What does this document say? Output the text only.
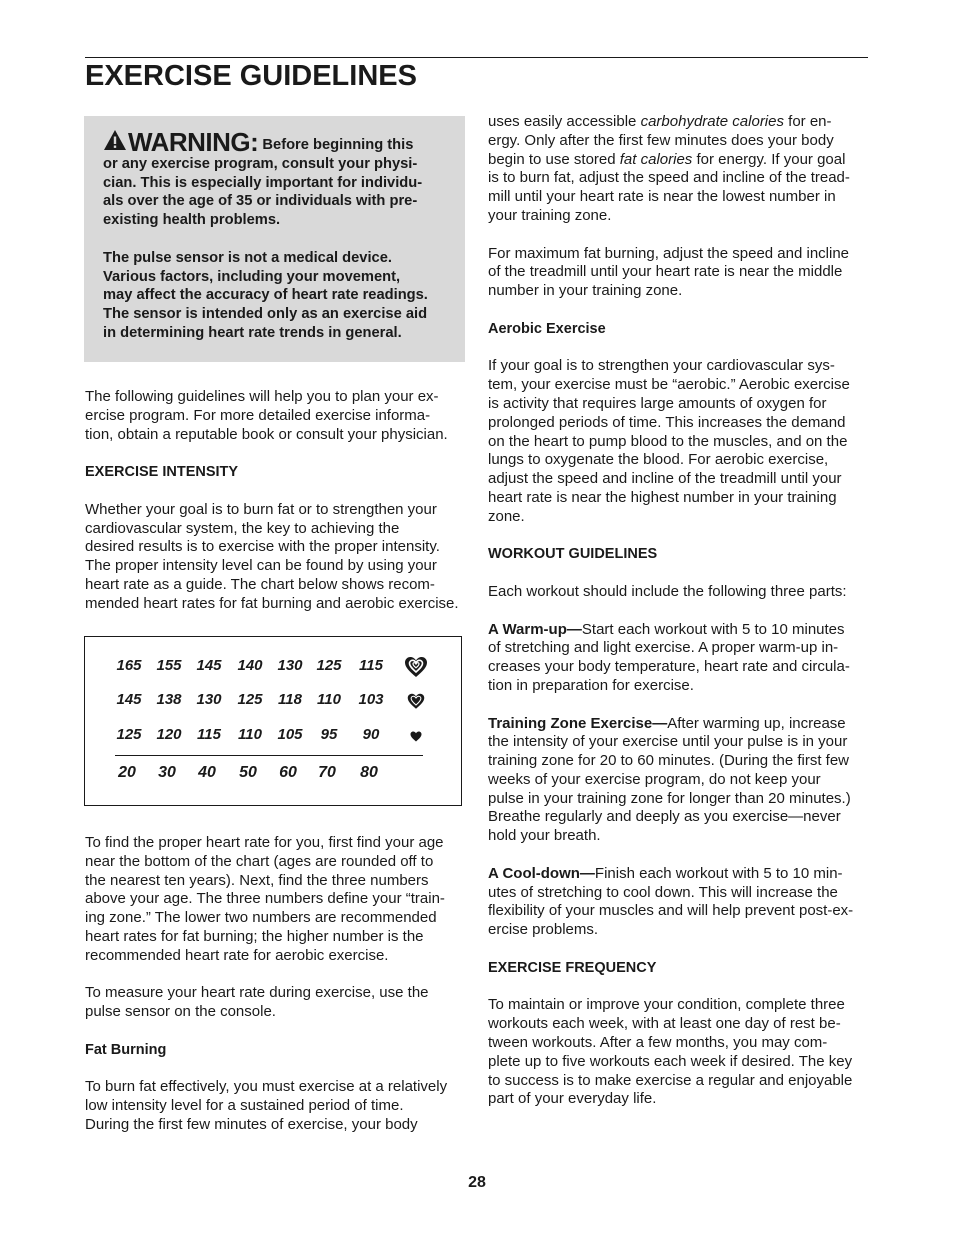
EXERCISE GUIDELINES

WARNING: Before beginning this
or any exercise program, consult your physi-
cian. This is especially important for individu-
als over the age of 35 or individuals with pre-
existing health problems.

The pulse sensor is not a medical device.
Various factors, including your movement,
may affect the accuracy of heart rate readings.
The sensor is intended only as an exercise aid
in determining heart rate trends in general.

The following guidelines will help you to plan your ex-
ercise program. For more detailed exercise informa-
tion, obtain a reputable book or consult your physician.

EXERCISE INTENSITY

Whether your goal is to burn fat or to strengthen your
cardiovascular system, the key to achieving the
desired results is to exercise with the proper intensity.
The proper intensity level can be found by using your
heart rate as a guide. The chart below shows recom-
mended heart rates for fat burning and aerobic exercise.

165 155 145	140 130 125	115
145 138 130	125	118	110	103
125 120	115	110	105	95	90
20	30	40	50	60	70	80

To find the proper heart rate for you, first find your age
near the bottom of the chart (ages are rounded off to
the nearest ten years). Next, find the three numbers
above your age. The three numbers define your “train-
ing zone.” The lower two numbers are recommended
heart rates for fat burning; the higher number is the
recommended heart rate for aerobic exercise.

To measure your heart rate during exercise, use the
pulse sensor on the console.

Fat Burning

To burn fat effectively, you must exercise at a relatively
low intensity level for a sustained period of time.
During the first few minutes of exercise, your body

uses easily accessible carbohydrate calories for en-
ergy. Only after the first few minutes does your body
begin to use stored fat calories for energy. If your goal
is to burn fat, adjust the speed and incline of the tread-
mill until your heart rate is near the lowest number in
your training zone.

For maximum fat burning, adjust the speed and incline
of the treadmill until your heart rate is near the middle
number in your training zone.

Aerobic Exercise

If your goal is to strengthen your cardiovascular sys-
tem, your exercise must be “aerobic.” Aerobic exercise
is activity that requires large amounts of oxygen for
prolonged periods of time. This increases the demand
on the heart to pump blood to the muscles, and on the
lungs to oxygenate the blood. For aerobic exercise,
adjust the speed and incline of the treadmill until your
heart rate is near the highest number in your training
zone.

WORKOUT GUIDELINES

Each workout should include the following three parts:

A Warm-up—Start each workout with 5 to 10 minutes
of stretching and light exercise. A proper warm-up in-
creases your body temperature, heart rate and circula-
tion in preparation for exercise.

Training Zone Exercise—After warming up, increase
the intensity of your exercise until your pulse is in your
training zone for 20 to 60 minutes. (During the first few
weeks of your exercise program, do not keep your
pulse in your training zone for longer than 20 minutes.)
Breathe regularly and deeply as you exercise—never
hold your breath.

A Cool-down—Finish each workout with 5 to 10 min-
utes of stretching to cool down. This will increase the
flexibility of your muscles and will help prevent post-ex-
ercise problems.

EXERCISE FREQUENCY

To maintain or improve your condition, complete three
workouts each week, with at least one day of rest be-
tween workouts. After a few months, you may com-
plete up to five workouts each week if desired. The key
to success is to make exercise a regular and enjoyable
part of your everyday life.

28
